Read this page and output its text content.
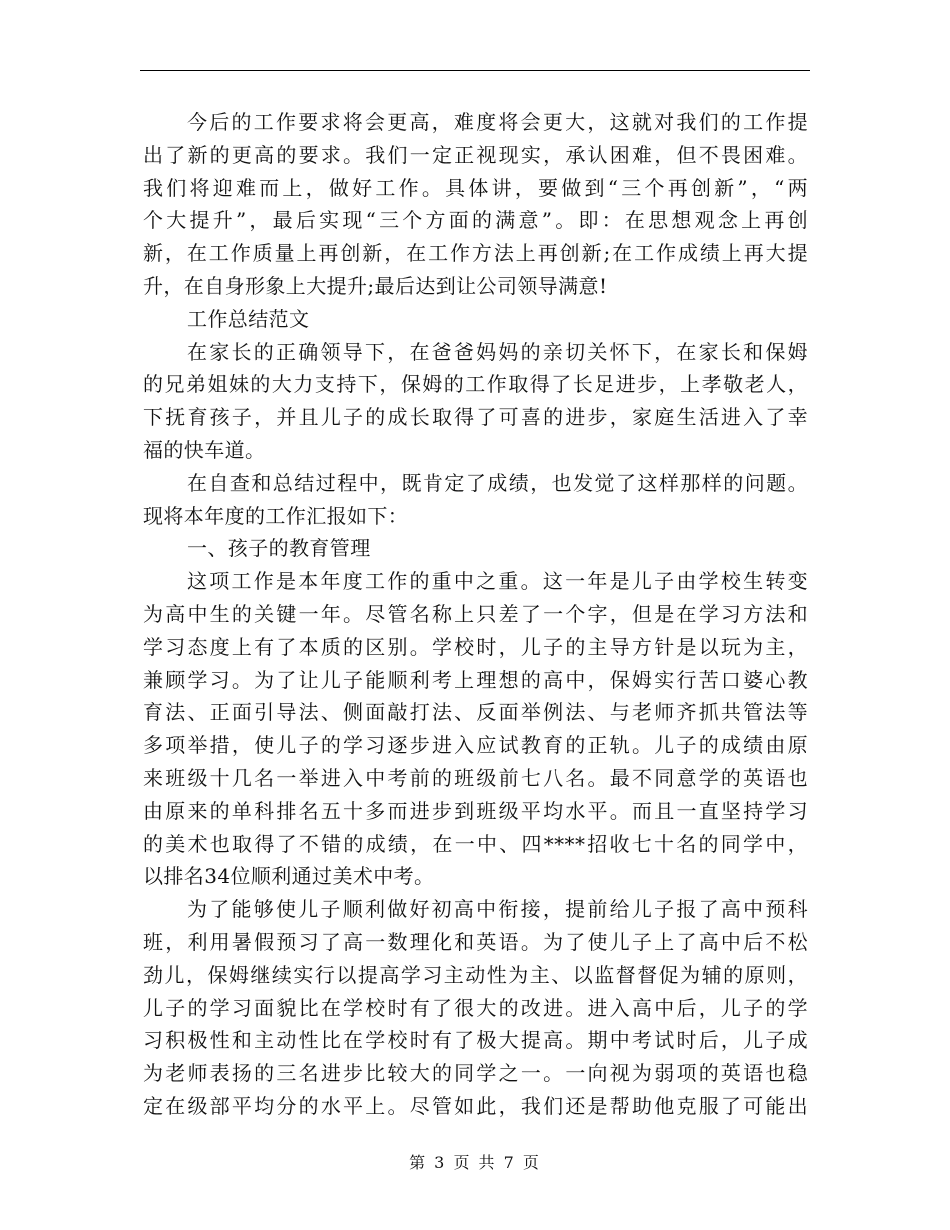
今后的工作要求将会更高，难度将会更大，这就对我们的工作提
出了新的更高的要求。我们一定正视现实，承认困难，但不畏困难。
我们将迎难而上，做好工作。具体讲，要做到“三个再创新”，“两
个大提升”，最后实现“三个方面的满意”。即：在思想观念上再创
新，在工作质量上再创新，在工作方法上再创新;在工作成绩上再大提
升，在自身形象上大提升;最后达到让公司领导满意!
工作总结范文
在家长的正确领导下，在爸爸妈妈的亲切关怀下，在家长和保姆
的兄弟姐妹的大力支持下，保姆的工作取得了长足进步，上孝敬老人，
下抚育孩子，并且儿子的成长取得了可喜的进步，家庭生活进入了幸
福的快车道。
在自查和总结过程中，既肯定了成绩，也发觉了这样那样的问题。
现将本年度的工作汇报如下：
一、孩子的教育管理
这项工作是本年度工作的重中之重。这一年是儿子由学校生转变
为高中生的关键一年。尽管名称上只差了一个字，但是在学习方法和
学习态度上有了本质的区别。学校时，儿子的主导方针是以玩为主，
兼顾学习。为了让儿子能顺利考上理想的高中，保姆实行苦口婆心教
育法、正面引导法、侧面敲打法、反面举例法、与老师齐抓共管法等
多项举措，使儿子的学习逐步进入应试教育的正轨。儿子的成绩由原
来班级十几名一举进入中考前的班级前七八名。最不同意学的英语也
由原来的单科排名五十多而进步到班级平均水平。而且一直坚持学习
的美术也取得了不错的成绩，在一中、四****招收七十名的同学中，
以排名34位顺利通过美术中考。
为了能够使儿子顺利做好初高中衔接，提前给儿子报了高中预科
班，利用暑假预习了高一数理化和英语。为了使儿子上了高中后不松
劲儿，保姆继续实行以提高学习主动性为主、以监督督促为辅的原则，
儿子的学习面貌比在学校时有了很大的改进。进入高中后，儿子的学
习积极性和主动性比在学校时有了极大提高。期中考试时后，儿子成
为老师表扬的三名进步比较大的同学之一。一向视为弱项的英语也稳
定在级部平均分的水平上。尽管如此，我们还是帮助他克服了可能出
第 3 页 共 7 页
